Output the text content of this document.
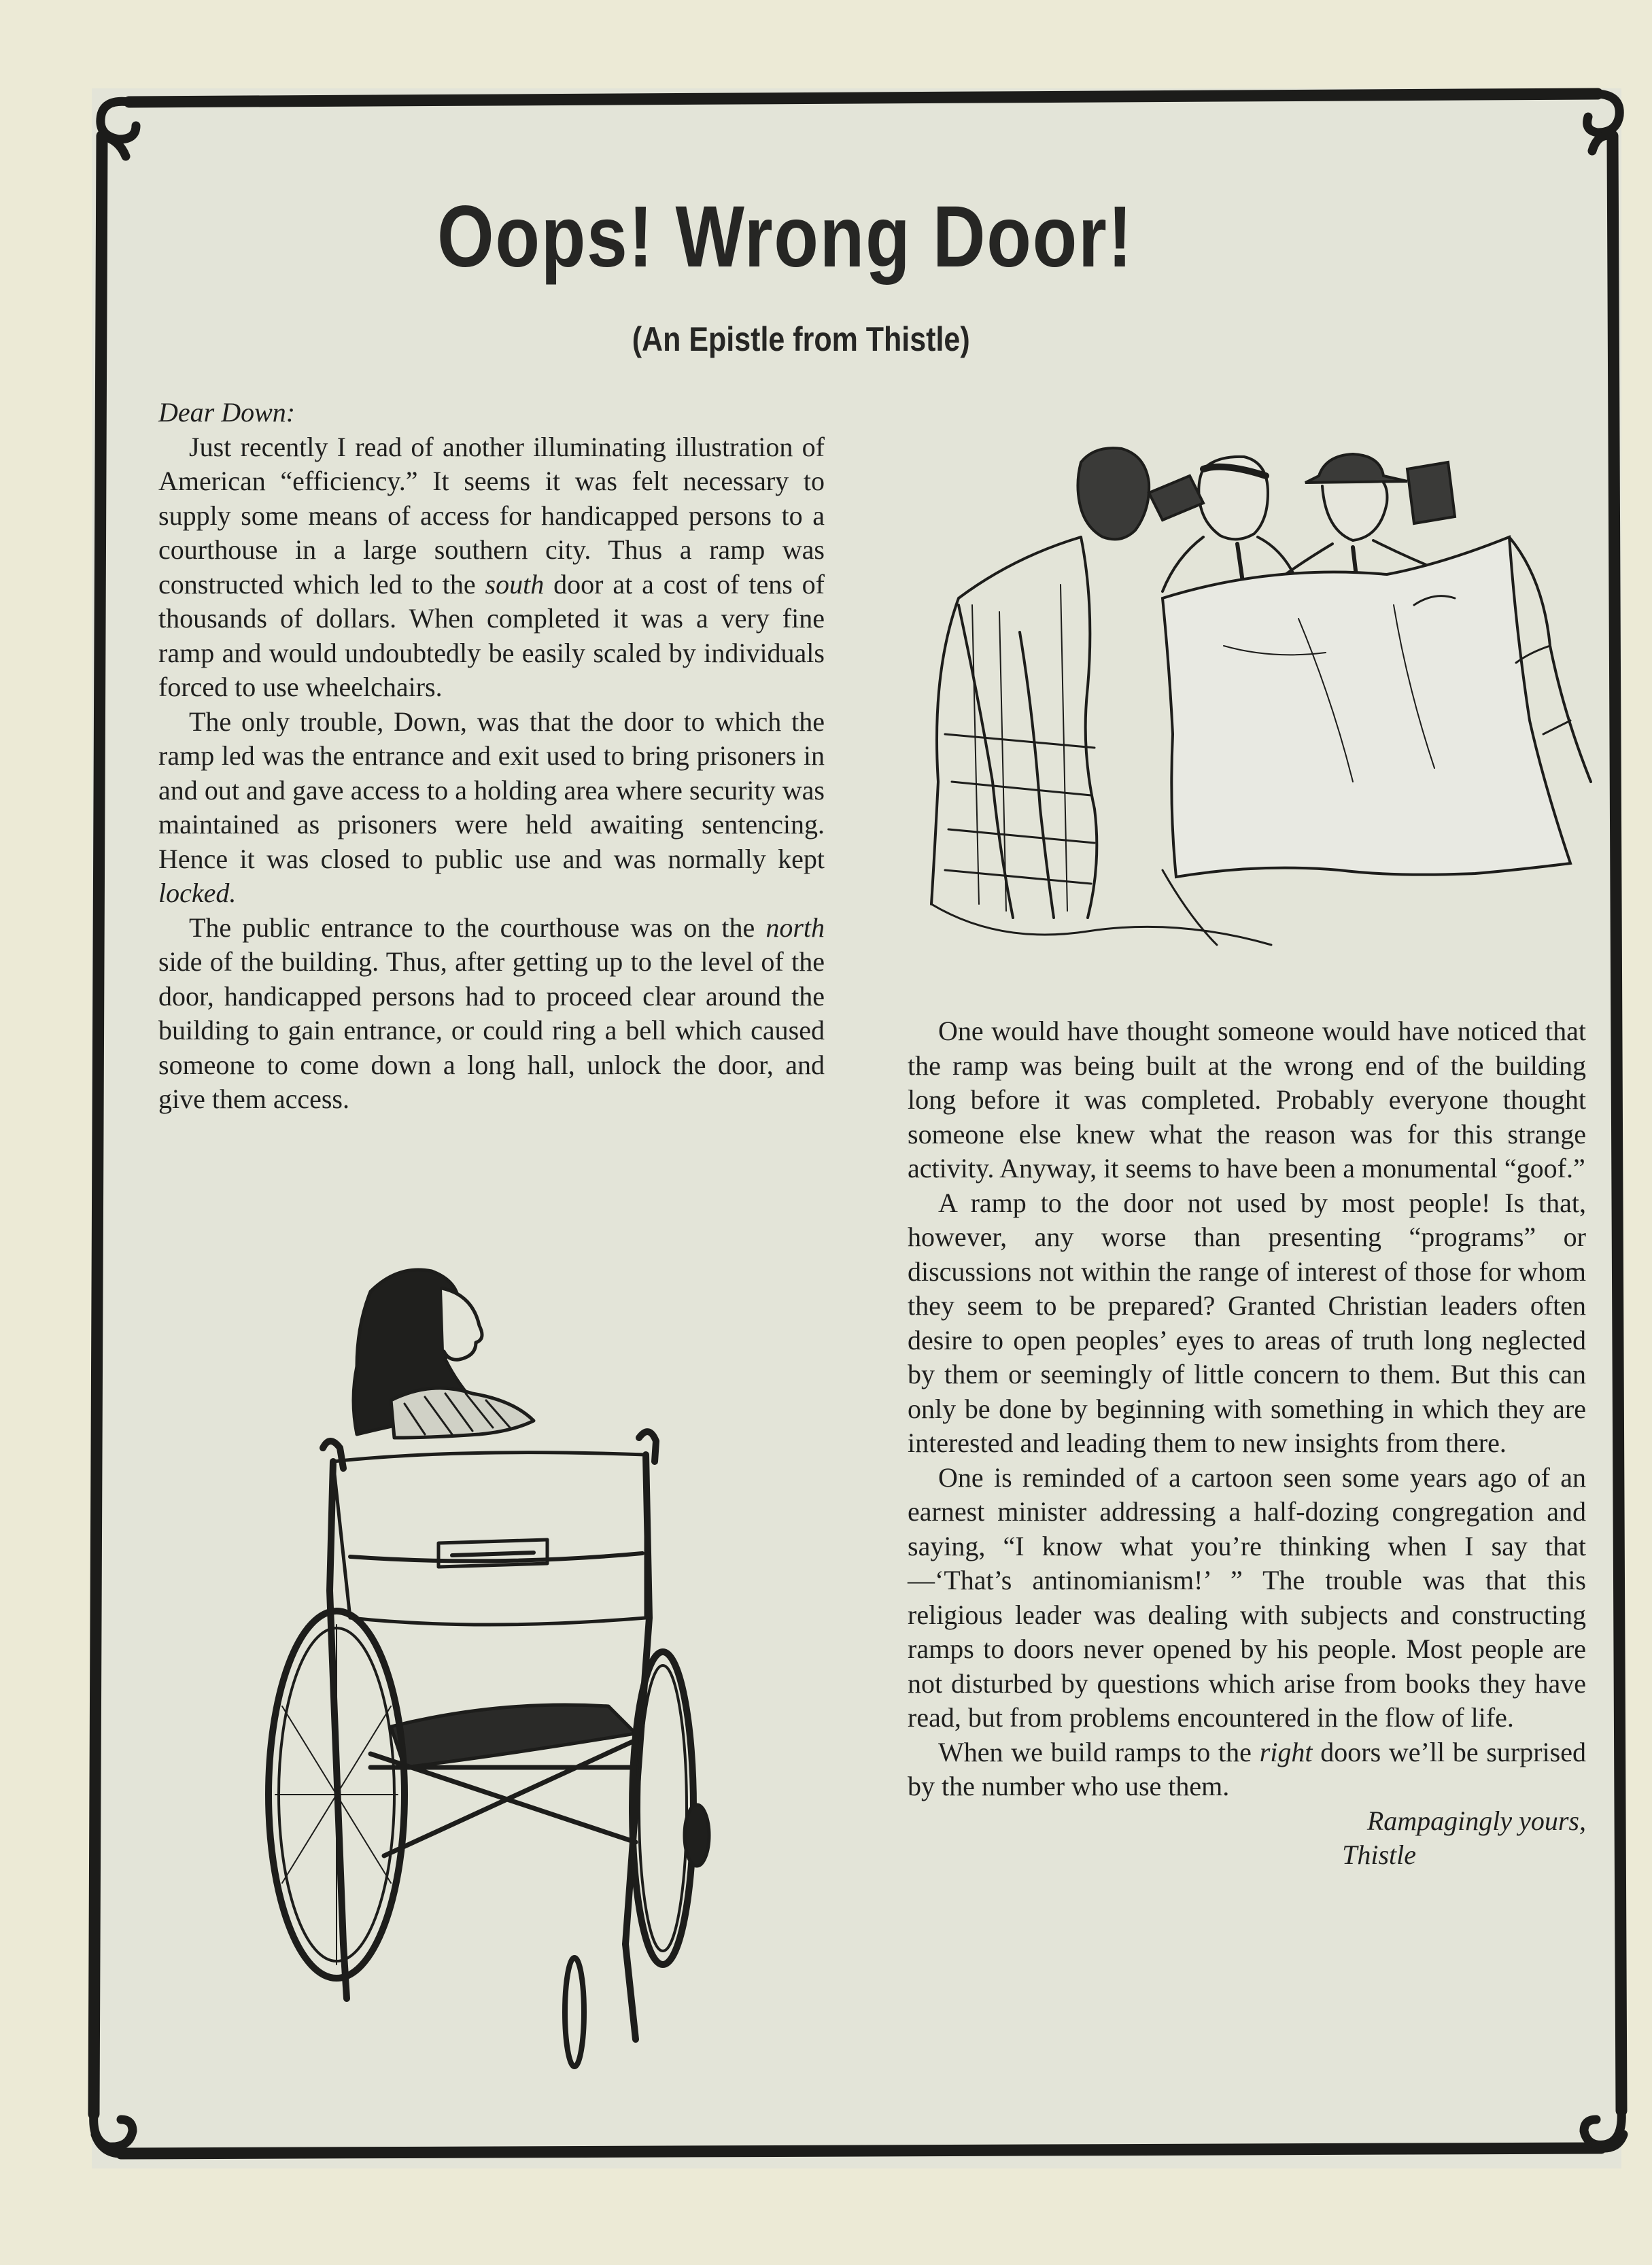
Oops! Wrong Door!
(An Epistle from Thistle)

Dear Down:

Just recently I read of another illuminating illustration of American “efficiency.” It seems it was felt necessary to supply some means of access for handicapped persons to a courthouse in a large southern city. Thus a ramp was constructed which led to the south door at a cost of tens of thousands of dollars. When completed it was a very fine ramp and would undoubtedly be easily scaled by individuals forced to use wheelchairs.

The only trouble, Down, was that the door to which the ramp led was the entrance and exit used to bring prisoners in and out and gave access to a holding area where security was maintained as prisoners were held awaiting sentencing. Hence it was closed to public use and was normally kept locked.

The public entrance to the courthouse was on the north side of the building. Thus, after getting up to the level of the door, handicapped persons had to proceed clear around the building to gain entrance, or could ring a bell which caused someone to come down a long hall, unlock the door, and give them access.

One would have thought someone would have noticed that the ramp was being built at the wrong end of the building long before it was completed. Probably everyone thought someone else knew what the reason was for this strange activity. Anyway, it seems to have been a monumental “goof.”

A ramp to the door not used by most people! Is that, however, any worse than presenting “programs” or discussions not within the range of interest of those for whom they seem to be prepared? Granted Christian leaders often desire to open peoples’ eyes to areas of truth long neglected by them or seemingly of little concern to them. But this can only be done by beginning with something in which they are interested and leading them to new insights from there.

One is reminded of a cartoon seen some years ago of an earnest minister addressing a half-dozing congregation and saying, “I know what you’re thinking when I say that—‘That’s antinomianism!’ ” The trouble was that this religious leader was dealing with subjects and constructing ramps to doors never opened by his people. Most people are not disturbed by questions which arise from books they have read, but from problems encountered in the flow of life.

When we build ramps to the right doors we’ll be surprised by the number who use them.

Rampagingly yours,
Thistle
